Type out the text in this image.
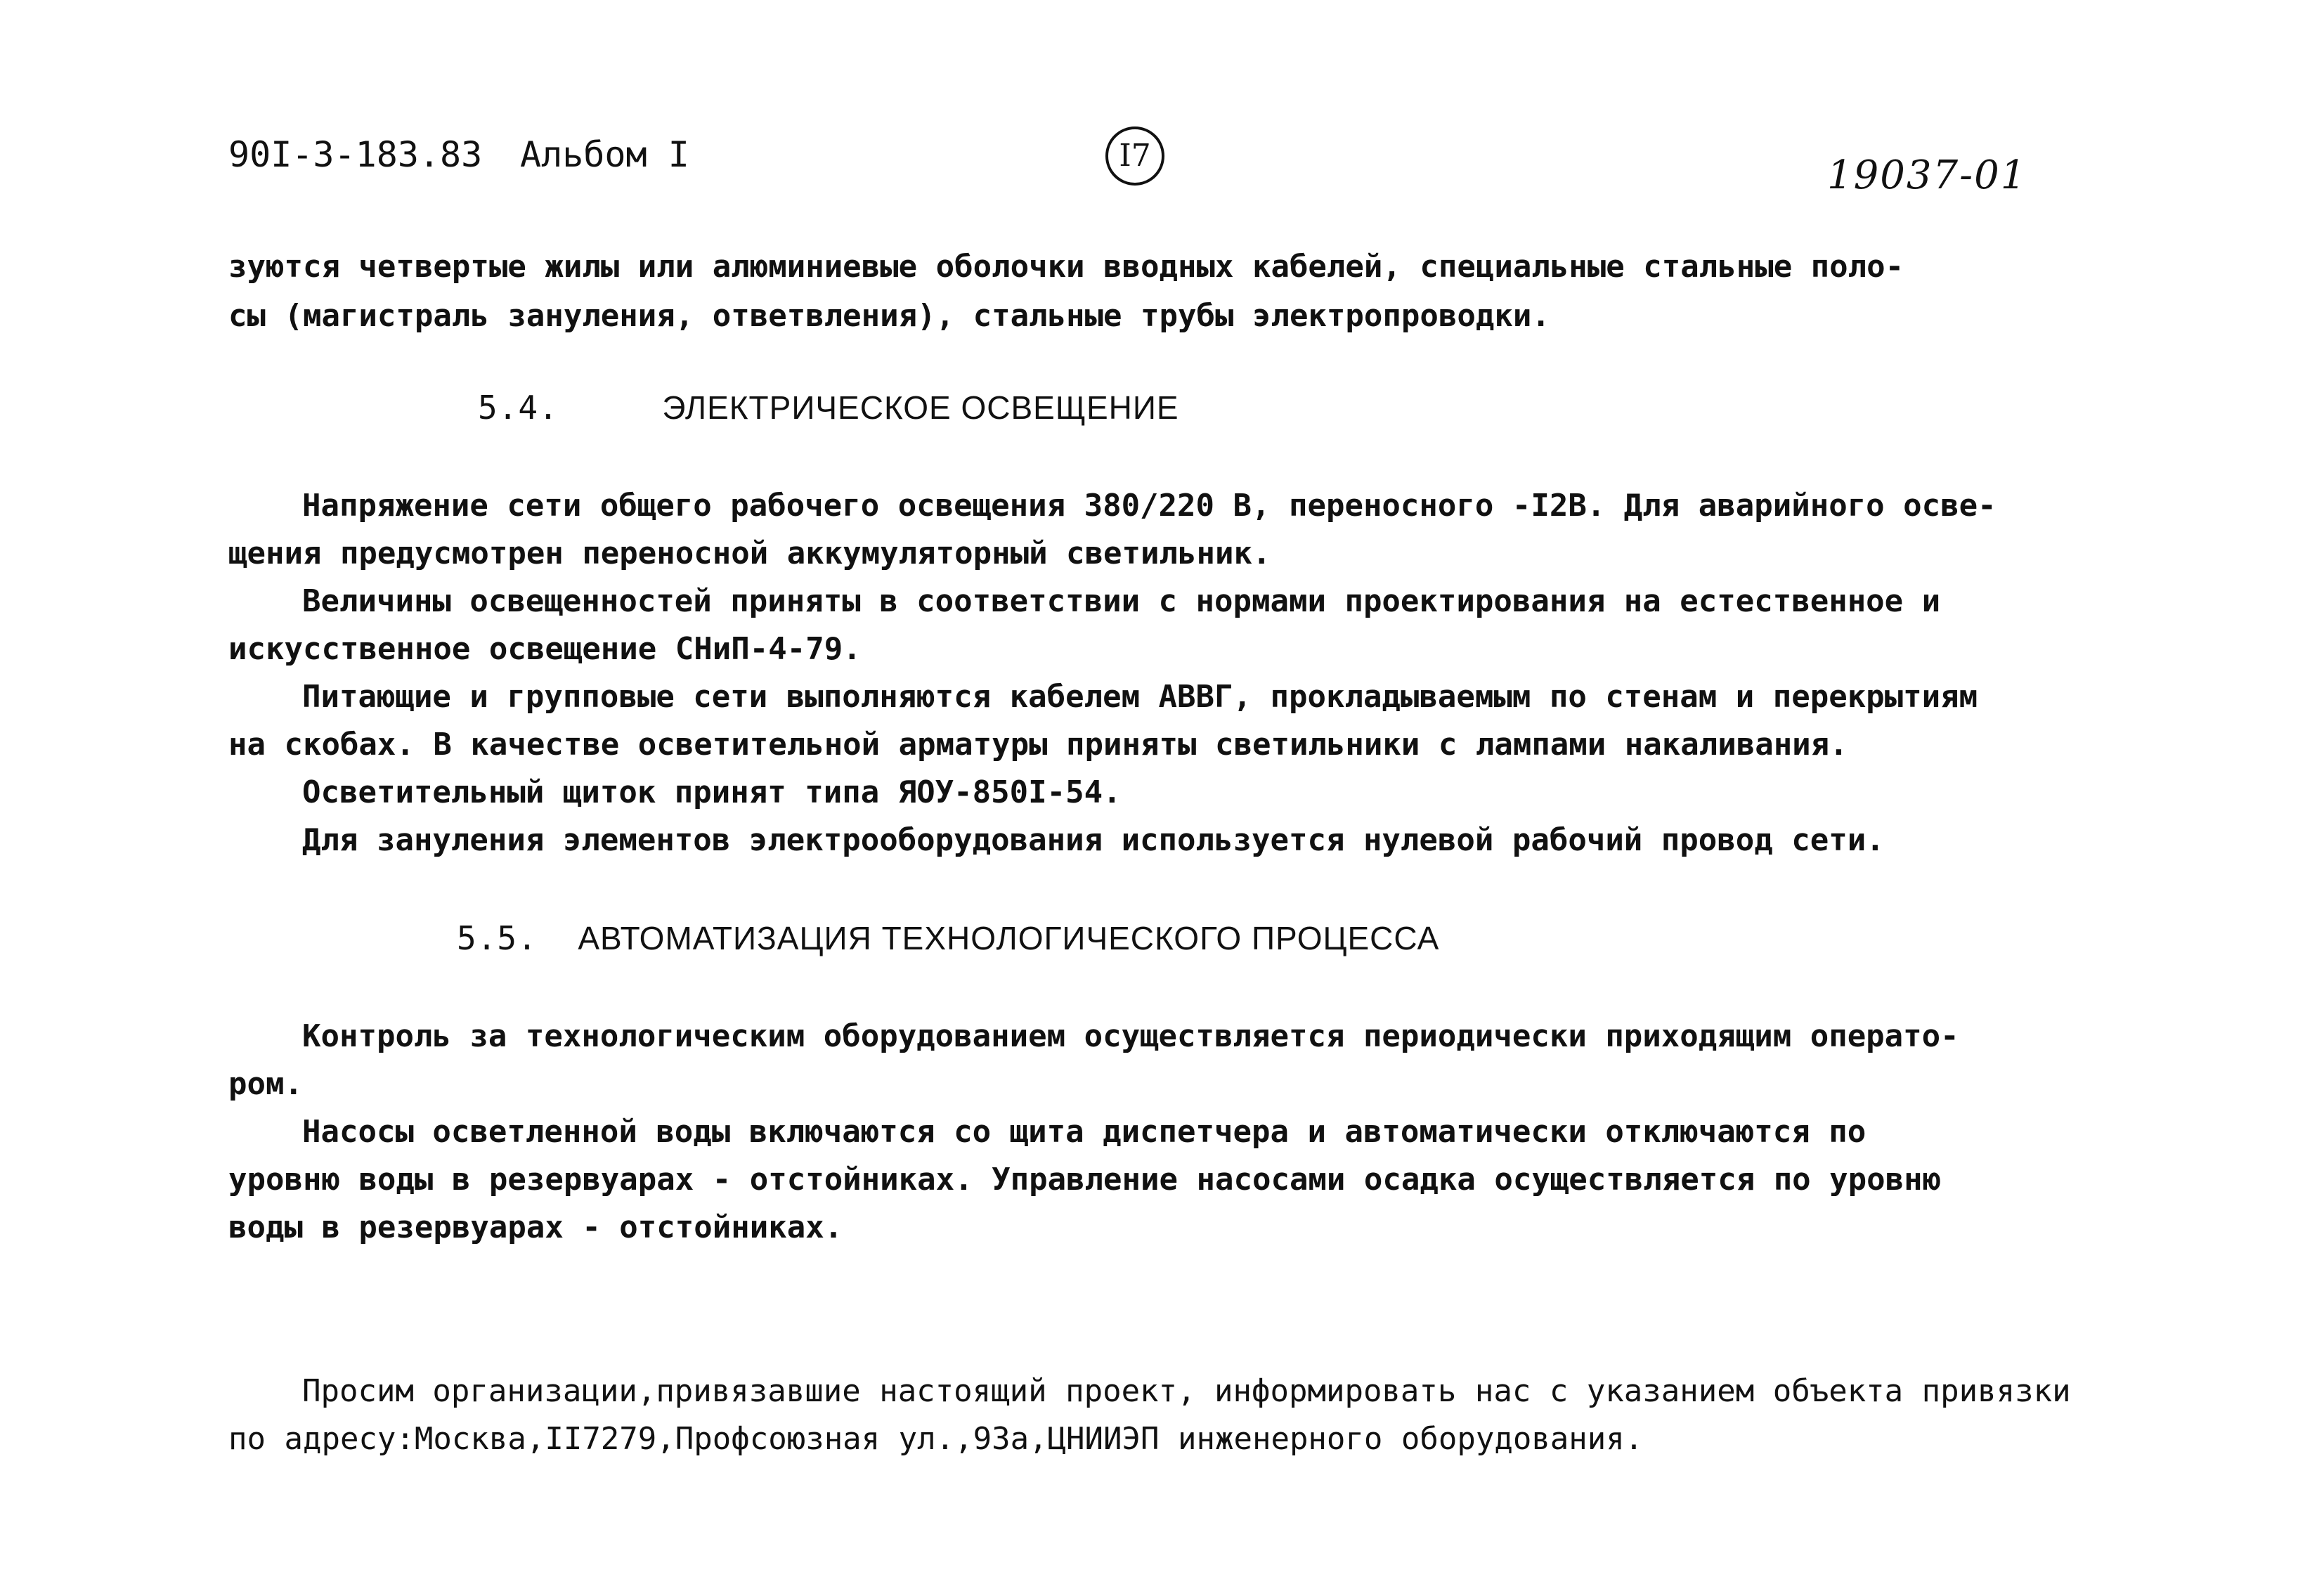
90I-3-183.83 Альбом I	I7	19037-01
зуются четвертые жилы или алюминиевые оболочки вводных кабелей, специальные стальные поло-
сы (магистраль зануления, ответвления), стальные трубы электропроводки.
5.4.	ЭЛЕКТРИЧЕСКОЕ ОСВЕЩЕНИЕ
Напряжение сети общего рабочего освещения 380/220 В, переносного -I2В. Для аварийного осве-
щения предусмотрен переносной аккумуляторный светильник.
Величины освещенностей приняты в соответствии с нормами проектирования на естественное и
искусственное освещение СНиП-4-79.
Питающие и групповые сети выполняются кабелем АВВГ, прокладываемым по стенам и перекрытиям
на скобах. В качестве осветительной арматуры приняты светильники с лампами накаливания.
Осветительный щиток принят типа ЯОУ-850I-54.
Для зануления элементов электрооборудования используется нулевой рабочий провод сети.
5.5. АВТОМАТИЗАЦИЯ ТЕХНОЛОГИЧЕСКОГО ПРОЦЕССА
Контроль за технологическим оборудованием осуществляется периодически приходящим операто-
ром.
Насосы осветленной воды включаются со щита диспетчера и автоматически отключаются по
уровню воды в резервуарах - отстойниках. Управление насосами осадка осуществляется по уровню
воды в резервуарах - отстойниках.
Просим организации,привязавшие настоящий проект, информировать нас с указанием объекта привязки
по адресу:Москва,II7279,Профсоюзная ул.,93а,ЦНИИЭП инженерного оборудования.
